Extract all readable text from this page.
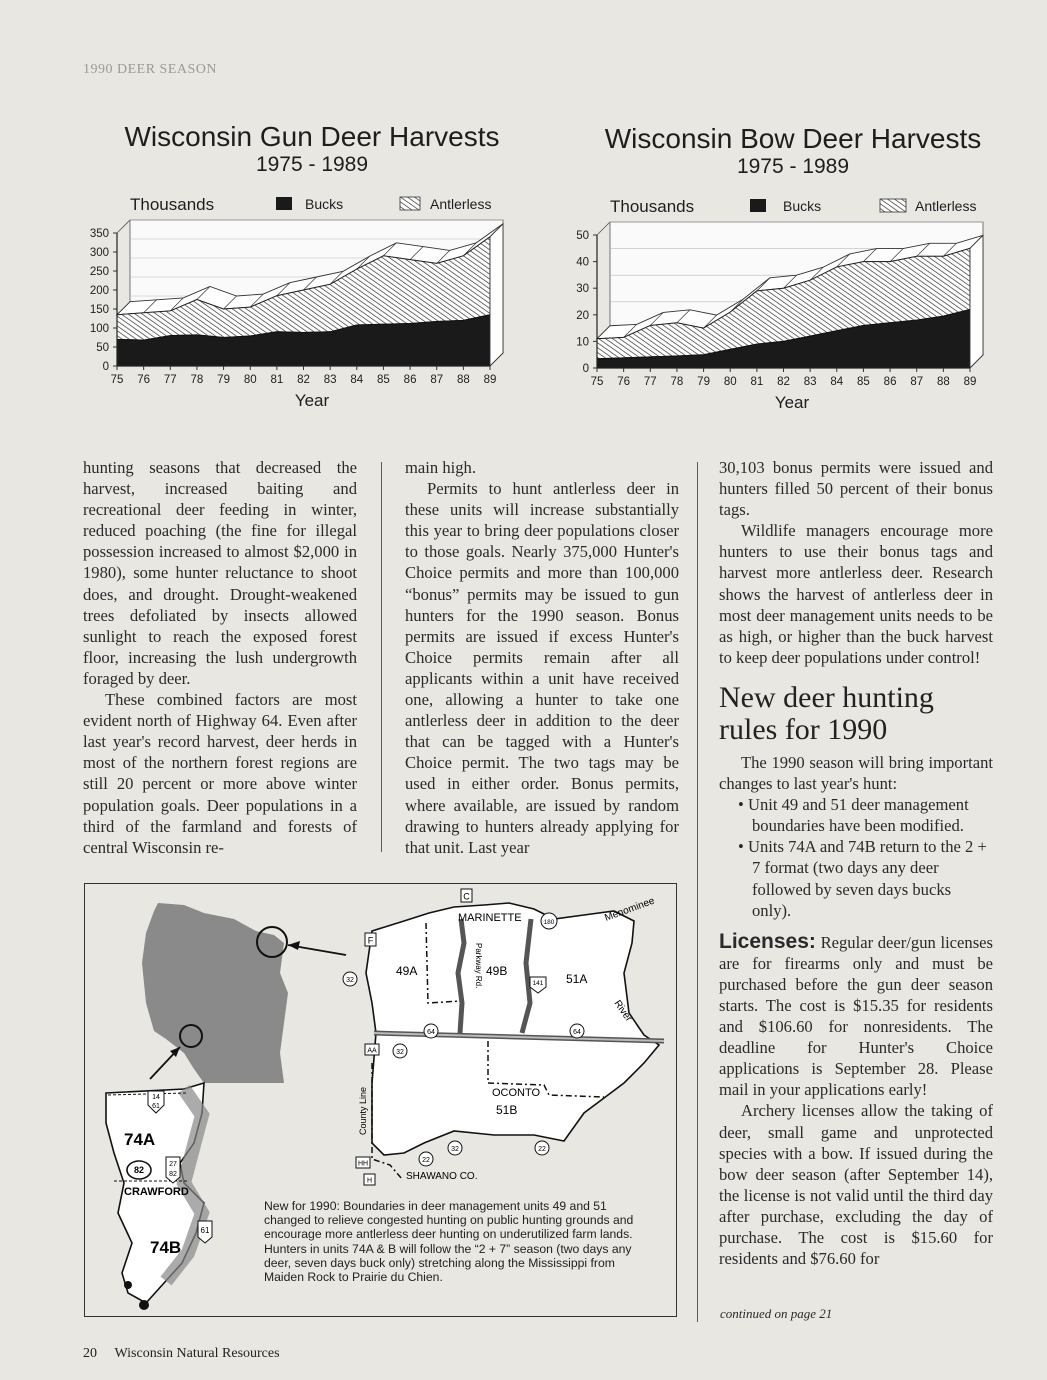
1990 DEER SEASON
Wisconsin Gun Deer Harvests
1975 - 1989
Wisconsin Bow Deer Harvests
1975 - 1989
0
50
100
150
200
250
300
350
75 76 77 78 79 80 81 82 83 84 85 86 87 88 89
Thousands	Bucks	Antlerless
Year
0
10
20
30
40
50
75 76 77 78 79 80 81 82 83 84 85 86 87 88 89
Thousands	Bucks	Antlerless
Year

hunting seasons that decreased the harvest, increased baiting and recreational deer feeding in winter, reduced poaching (the fine for illegal possession increased to almost $2,000 in 1980), some hunter reluctance to shoot does, and drought. Drought-weakened trees defoliated by insects allowed sunlight to reach the exposed forest floor, increasing the lush undergrowth foraged by deer.

These combined factors are most evident north of Highway 64. Even after last year's record harvest, deer herds in most of the northern forest regions are still 20 percent or more above winter population goals. Deer populations in a third of the farmland and forests of central Wisconsin re-

main high.

Permits to hunt antlerless deer in these units will increase substantially this year to bring deer populations closer to those goals. Nearly 375,000 Hunter's Choice permits and more than 100,000 “bonus” permits may be issued to gun hunters for the 1990 season. Bonus permits are issued if excess Hunter's Choice permits remain after all applicants within a unit have received one, allowing a hunter to take one antlerless deer in addition to the deer that can be tagged with a Hunter's Choice permit. The two tags may be used in either order. Bonus permits, where available, are issued by random drawing to hunters already applying for that unit. Last year

30,103 bonus permits were issued and hunters filled 50 percent of their bonus tags.

Wildlife managers encourage more hunters to use their bonus tags and harvest more antlerless deer. Research shows the harvest of antlerless deer in most deer management units needs to be as high, or higher than the buck harvest to keep deer populations under control!

New deer hunting rules for 1990

The 1990 season will bring important changes to last year's hunt:

• Unit 49 and 51 deer management boundaries have been modified.

• Units 74A and 74B return to the 2 + 7 format (two days any deer followed by seven days bucks only).

Licenses: Regular deer/gun licenses are for firearms only and must be purchased before the gun deer season starts. The cost is $15.35 for residents and $106.60 for nonresidents. The deadline for Hunter's Choice applications is September 28. Please mail in your applications early!

Archery licenses allow the taking of deer, small game and unprotected species with a bow. If issued during the bow deer season (after September 14), the license is not valid until the third day after purchase, excluding the day of purchase. The cost is $15.60 for residents and $76.60 for

continued on page 21
C
F
32
MARINETTE	Menominee
River
49A	49B
51A
Parkway Rd.
180
141
64	64
AA	32
OCONTO
51B
County Line
HH
H
22
32	22
SHAWANO CO.
74A
74B
CRAWFORD
14
61
82
27
82
61
New for 1990: Boundaries in deer management units 49 and 51 changed to relieve congested hunting on public hunting grounds and encourage more antlerless deer hunting on underutilized farm lands. Hunters in units 74A & B will follow the “2 + 7” season (two days any deer, seven days buck only) stretching along the Mississippi from Maiden Rock to Prairie du Chien.
20 Wisconsin Natural Resources
